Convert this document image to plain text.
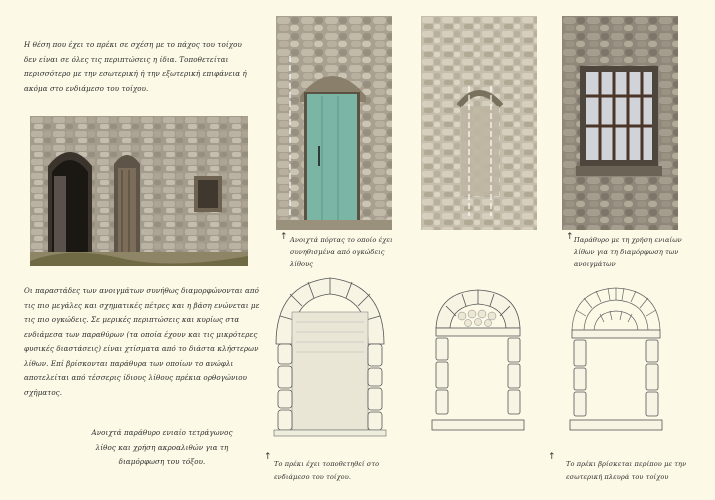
Η θέση που έχει το πρέκι σε σχέση με το πάχος του τοίχου δεν είναι σε όλες τις περιπτώσεις η ίδια. Τοποθετείται περισσότερο με την εσωτερική ή την εξωτερική επιφάνεια ή ακόμα στο ενδιάμεσο του τοίχου.

Οι παραστάδες των ανοιγμάτων συνήθως διαμορφώνονται από τις πιο μεγάλες και σχηματικές πέτρες και η βάση ενώνεται με τις πιο ογκώδεις. Σε μερικές περιπτώσεις και κυρίως στα ενδιάμεσα των παραθύρων (τα οποία έχουν και τις μικρότερες φυσικές διαστάσεις) είναι χτίσματα από το διάστα κλήστερων λίθων. Επί βρίσκονται παράθυρα των οποίων το ανώφλι αποτελείται από τέσσερις ίδιους λίθους πρέκια ορθογώνιου σχήματος.

Ανοιχτά παράθυρο ενιαίο τετράγωνος λίθος και χρήση ακροαλιθών για τη διαμόρφωση του τόξου.

↑ Ανοιχτά πόρτας το οποίο έχει συνηθισμένα από ογκώδεις λίθους

↑ Παράθυρο με τη χρήση ενιαίων λίθων για τη διαμόρφωση των ανοιγμάτων

↑

Το πρέκι έχει τοποθετηθεί στο ενδιάμεσο του τοίχου.

↑

Το πρέκι βρίσκεται περίπου με την εσωτερική πλευρά του τοίχου
